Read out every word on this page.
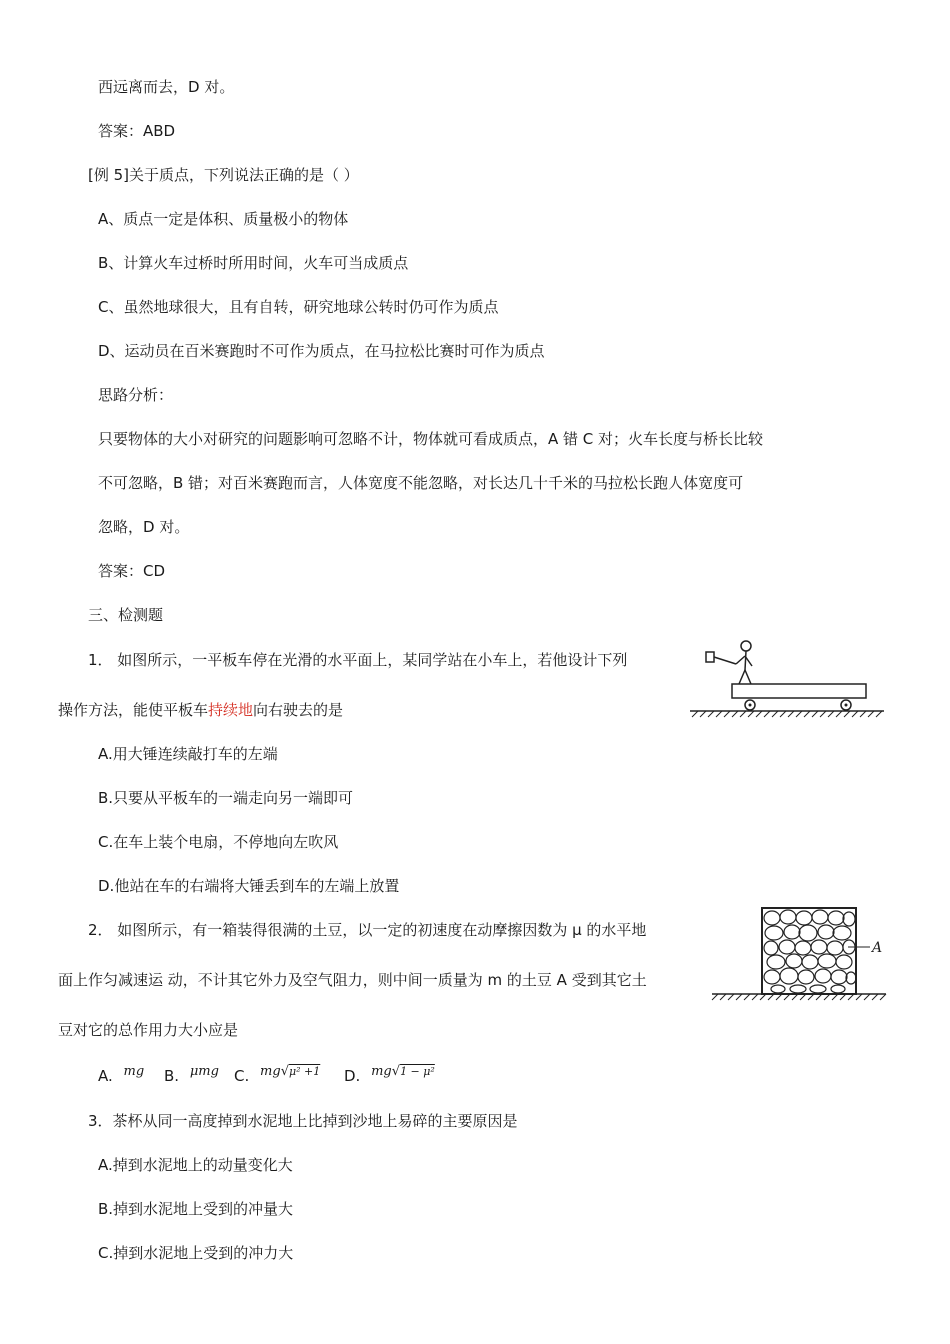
西远离而去，D 对。
答案：ABD
[例 5]关于质点，下列说法正确的是（ ）
A、质点一定是体积、质量极小的物体
B、计算火车过桥时所用时间，火车可当成质点
C、虽然地球很大，且有自转，研究地球公转时仍可作为质点
D、运动员在百米赛跑时不可作为质点，在马拉松比赛时可作为质点
思路分析：
只要物体的大小对研究的问题影响可忽略不计，物体就可看成质点，A 错 C 对；火车长度与桥长比较
不可忽略，B 错；对百米赛跑而言，人体宽度不能忽略，对长达几十千米的马拉松长跑人体宽度可
忽略，D 对。
答案：CD
三、检测题
1． 如图所示，一平板车停在光滑的水平面上，某同学站在小车上，若他设计下列
操作方法，能使平板车持续地向右驶去的是
A.用大锤连续敲打车的左端
B.只要从平板车的一端走向另一端即可
C.在车上装个电扇，不停地向左吹风
D.他站在车的右端将大锤丢到车的左端上放置
2． 如图所示，有一箱装得很满的土豆，以一定的初速度在动摩擦因数为 μ 的水平地
面上作匀减速运 动，不计其它外力及空气阻力，则中间一质量为 m 的土豆 A 受到其它土
豆对它的总作用力大小应是
A
A. mg B. μmg C. mg√μ² +1 D. mg√1 − μ²
3．茶杯从同一高度掉到水泥地上比掉到沙地上易碎的主要原因是
A.掉到水泥地上的动量变化大
B.掉到水泥地上受到的冲量大
C.掉到水泥地上受到的冲力大
